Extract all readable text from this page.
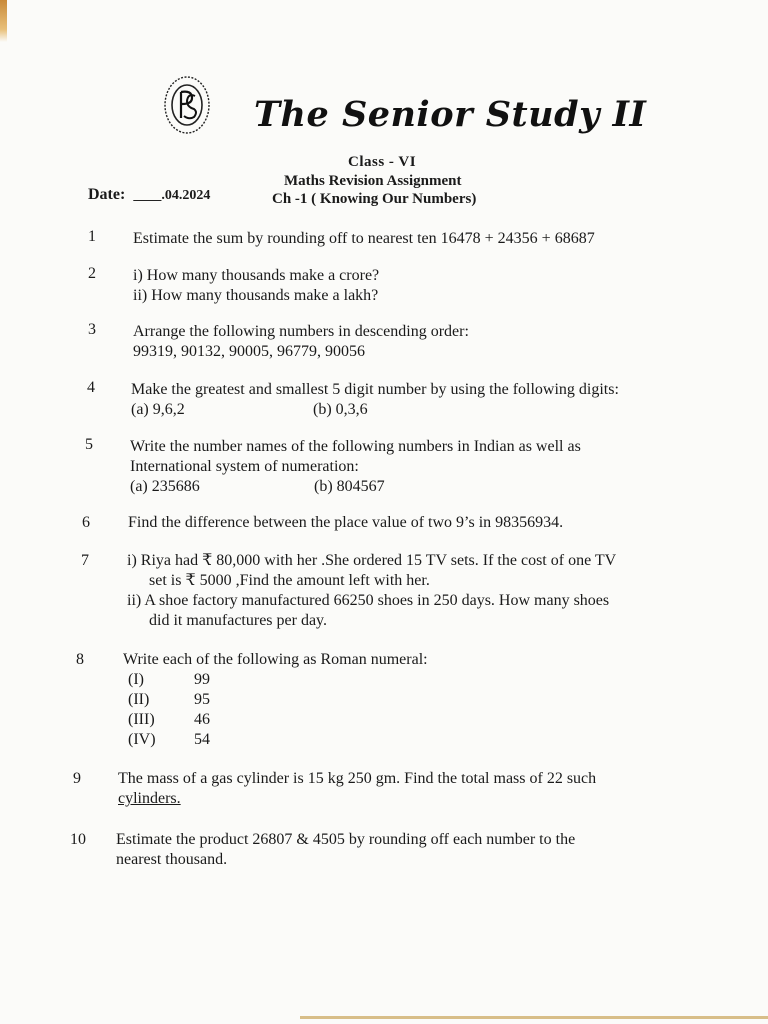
The Senior Study II
Class - VI
Maths Revision Assignment
Ch -1 ( Knowing Our Numbers)
Date: ____.04.2024
1 Estimate the sum by rounding off to nearest ten 16478 + 24356 + 68687
2 i) How many thousands make a crore?
ii) How many thousands make a lakh?
3 Arrange the following numbers in descending order:
99319, 90132, 90005, 96779, 90056
4 Make the greatest and smallest 5 digit number by using the following digits:
(a) 9,6,2	(b) 0,3,6
5 Write the number names of the following numbers in Indian as well as
International system of numeration:
(a) 235686	(b) 804567
6 Find the difference between the place value of two 9’s in 98356934.
7 i) Riya had ₹ 80,000 with her .She ordered 15 TV sets. If the cost of one TV
set is ₹ 5000 ,Find the amount left with her.
ii) A shoe factory manufactured 66250 shoes in 250 days. How many shoes
did it manufactures per day.
8 Write each of the following as Roman numeral:
(I)	99
(II)	95
(III) 46
(IV) 54
9 The mass of a gas cylinder is 15 kg 250 gm. Find the total mass of 22 such
cylinders.
10 Estimate the product 26807 & 4505 by rounding off each number to the
nearest thousand.
